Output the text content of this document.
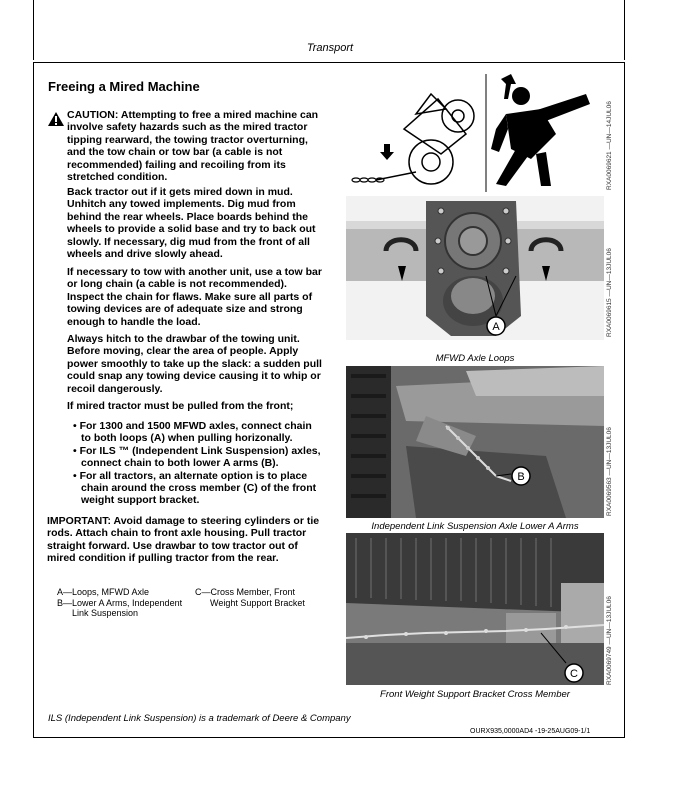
Transport
Freeing a Mired Machine
CAUTION: Attempting to free a mired machine can involve safety hazards such as the mired tractor tipping rearward, the towing tractor overturning, and the tow chain or tow bar (a cable is not recommended) failing and recoiling from its stretched condition.
Back tractor out if it gets mired down in mud. Unhitch any towed implements. Dig mud from behind the rear wheels. Place boards behind the wheels to provide a solid base and try to back out slowly. If necessary, dig mud from the front of all wheels and drive slowly ahead.
If necessary to tow with another unit, use a tow bar or long chain (a cable is not recommended). Inspect the chain for flaws. Make sure all parts of towing devices are of adequate size and strong enough to handle the load.
Always hitch to the drawbar of the towing unit. Before moving, clear the area of people. Apply power smoothly to take up the slack: a sudden pull could snap any towing device causing it to whip or recoil dangerously.
If mired tractor must be pulled from the front;
• For 1300 and 1500 MFWD axles, connect chain to both loops (A) when pulling horizonally.
• For ILS ™ (Independent Link Suspension) axles, connect chain to both lower A arms (B).
• For all tractors, an alternate option is to place chain around the cross member (C) of the front weight support bracket.
IMPORTANT: Avoid damage to steering cylinders or tie rods. Attach chain to front axle housing. Pull tractor straight forward. Use drawbar to tow tractor out of mired condition if pulling tractor from the rear.
A—Loops, MFWD Axle
B—Lower A Arms, Independent
Link Suspension
C—Cross Member, Front
Weight Support Bracket
RXA0069621 —UN—14JUL06
A	RXA0069615 —UN—13JUL06
MFWD Axle Loops
B	RXA0069563 —UN—13JUL06
Independent Link Suspension Axle Lower A Arms
C	RXA0069749 —UN—13JUL06
Front Weight Support Bracket Cross Member
ILS (Independent Link Suspension) is a trademark of Deere & Company
OURX935,0000AD4 -19-25AUG09-1/1
